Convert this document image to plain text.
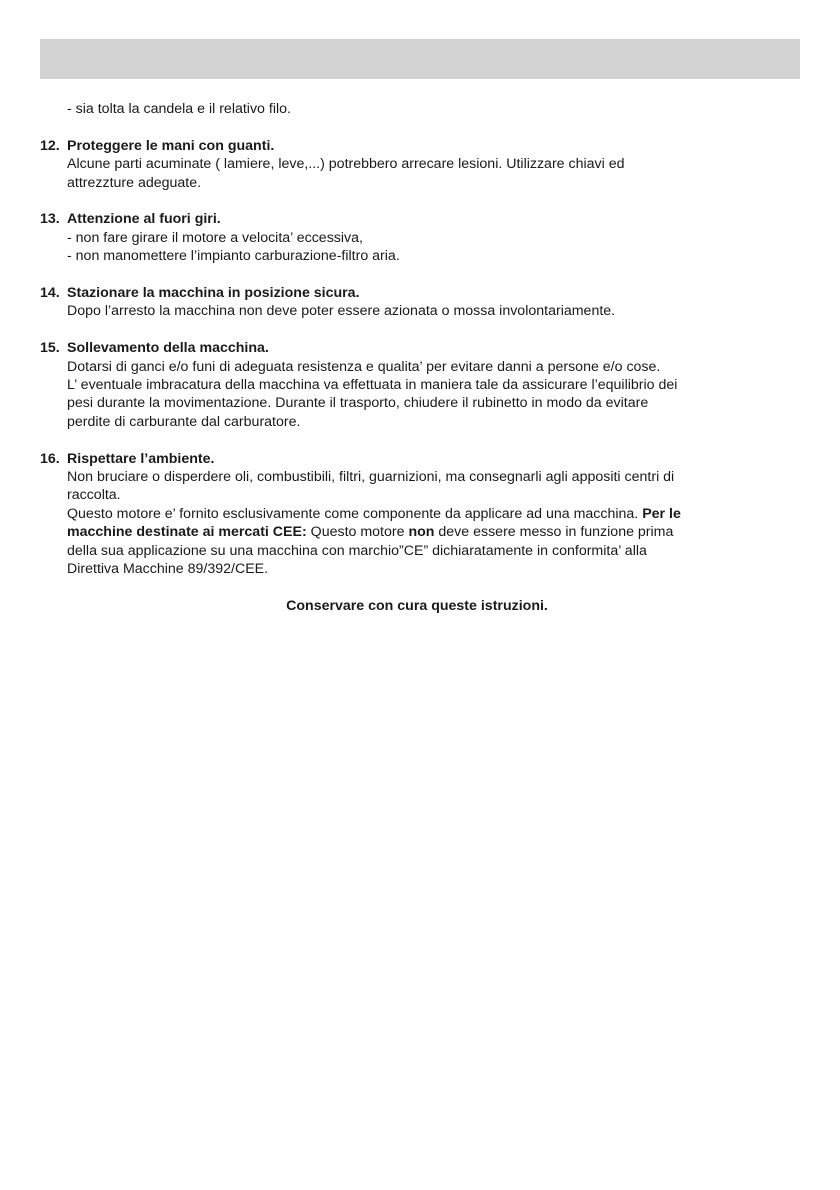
- sia tolta la candela e il relativo filo.

12. Proteggere le mani con guanti.
Alcune parti acuminate ( lamiere, leve,...) potrebbero arrecare lesioni. Utilizzare chiavi ed
attrezzture adeguate.
13. Attenzione al fuori giri.
- non fare girare il motore a velocita’ eccessiva,
- non manomettere l’impianto carburazione-filtro aria.
14. Stazionare la macchina in posizione sicura.
Dopo l’arresto la macchina non deve poter essere azionata o mossa involontariamente.
15. Sollevamento della macchina.
Dotarsi di ganci e/o funi di adeguata resistenza e qualita’ per evitare danni a persone e/o cose.
L’ eventuale imbracatura della macchina va effettuata in maniera tale da assicurare l’equilibrio dei
pesi durante la movimentazione. Durante il trasporto, chiudere il rubinetto in modo da evitare
perdite di carburante dal carburatore.
16. Rispettare l’ambiente.
Non bruciare o disperdere oli, combustibili, filtri, guarnizioni, ma consegnarli agli appositi centri di
raccolta.
Questo motore e’ fornito esclusivamente come componente da applicare ad una macchina. Per le
macchine destinate ai mercati CEE: Questo motore non deve essere messo in funzione prima
della sua applicazione su una macchina con marchio”CE” dichiaratamente in conformita’ alla
Direttiva Macchine 89/392/CEE.
Conservare con cura queste istruzioni.
